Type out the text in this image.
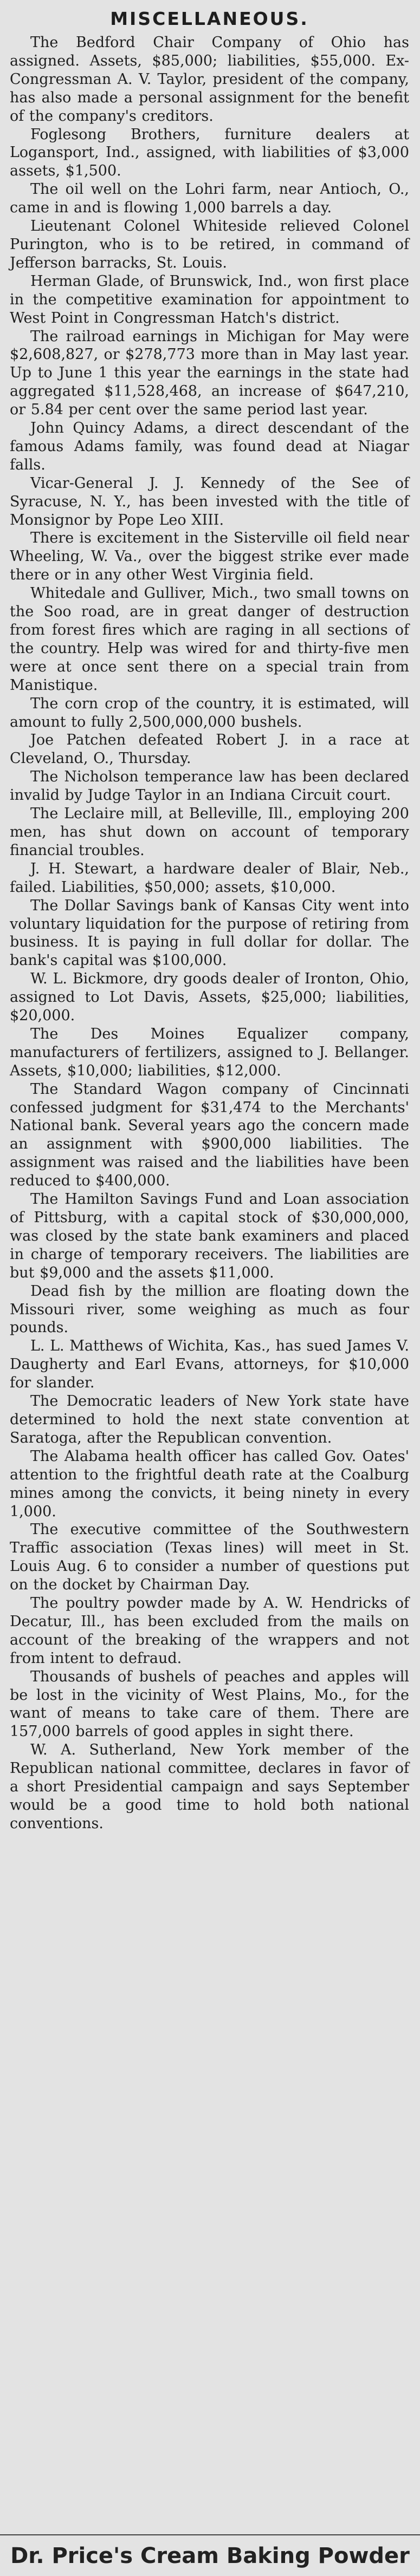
MISCELLANEOUS.

The Bedford Chair Company of Ohio has assigned. Assets, $85,000; liabilities, $55,000. Ex-Congressman A. V. Taylor, president of the company, has also made a personal assignment for the benefit of the company's creditors.

Foglesong Brothers, furniture dealers at Logansport, Ind., assigned, with liabilities of $3,000 assets, $1,500.

The oil well on the Lohri farm, near Antioch, O., came in and is flowing 1,000 barrels a day.

Lieutenant Colonel Whiteside relieved Colonel Purington, who is to be retired, in command of Jefferson barracks, St. Louis.

Herman Glade, of Brunswick, Ind., won first place in the competitive examination for appointment to West Point in Congressman Hatch's district.

The railroad earnings in Michigan for May were $2,608,827, or $278,773 more than in May last year. Up to June 1 this year the earnings in the state had aggregated $11,528,468, an increase of $647,210, or 5.84 per cent over the same period last year.

John Quincy Adams, a direct descendant of the famous Adams family, was found dead at Niagar falls.

Vicar-General J. J. Kennedy of the See of Syracuse, N. Y., has been invested with the title of Monsignor by Pope Leo XIII.

There is excitement in the Sisterville oil field near Wheeling, W. Va., over the biggest strike ever made there or in any other West Virginia field.

Whitedale and Gulliver, Mich., two small towns on the Soo road, are in great danger of destruction from forest fires which are raging in all sections of the country. Help was wired for and thirty-five men were at once sent there on a special train from Manistique.

The corn crop of the country, it is estimated, will amount to fully 2,500,000,000 bushels.

Joe Patchen defeated Robert J. in a race at Cleveland, O., Thursday.

The Nicholson temperance law has been declared invalid by Judge Taylor in an Indiana Circuit court.

The Leclaire mill, at Belleville, Ill., employing 200 men, has shut down on account of temporary financial troubles.

J. H. Stewart, a hardware dealer of Blair, Neb., failed. Liabilities, $50,000; assets, $10,000.

The Dollar Savings bank of Kansas City went into voluntary liquidation for the purpose of retiring from business. It is paying in full dollar for dollar. The bank's capital was $100,000.

W. L. Bickmore, dry goods dealer of Ironton, Ohio, assigned to Lot Davis, Assets, $25,000; liabilities, $20,000.

The Des Moines Equalizer company, manufacturers of fertilizers, assigned to J. Bellanger. Assets, $10,000; liabilities, $12,000.

The Standard Wagon company of Cincinnati confessed judgment for $31,474 to the Merchants' National bank. Several years ago the concern made an assignment with $900,000 liabilities. The assignment was raised and the liabilities have been reduced to $400,000.

The Hamilton Savings Fund and Loan association of Pittsburg, with a capital stock of $30,000,000, was closed by the state bank examiners and placed in charge of temporary receivers. The liabilities are but $9,000 and the assets $11,000.

Dead fish by the million are floating down the Missouri river, some weighing as much as four pounds.

L. L. Matthews of Wichita, Kas., has sued James V. Daugherty and Earl Evans, attorneys, for $10,000 for slander.

The Democratic leaders of New York state have determined to hold the next state convention at Saratoga, after the Republican convention.

The Alabama health officer has called Gov. Oates' attention to the frightful death rate at the Coalburg mines among the convicts, it being ninety in every 1,000.

The executive committee of the Southwestern Traffic association (Texas lines) will meet in St. Louis Aug. 6 to consider a number of questions put on the docket by Chairman Day.

The poultry powder made by A. W. Hendricks of Decatur, Ill., has been excluded from the mails on account of the breaking of the wrappers and not from intent to defraud.

Thousands of bushels of peaches and apples will be lost in the vicinity of West Plains, Mo., for the want of means to take care of them. There are 157,000 barrels of good apples in sight there.

W. A. Sutherland, New York member of the Republican national committee, declares in favor of a short Presidential campaign and says September would be a good time to hold both national conventions.

Dr. Price's Cream Baking Powder
